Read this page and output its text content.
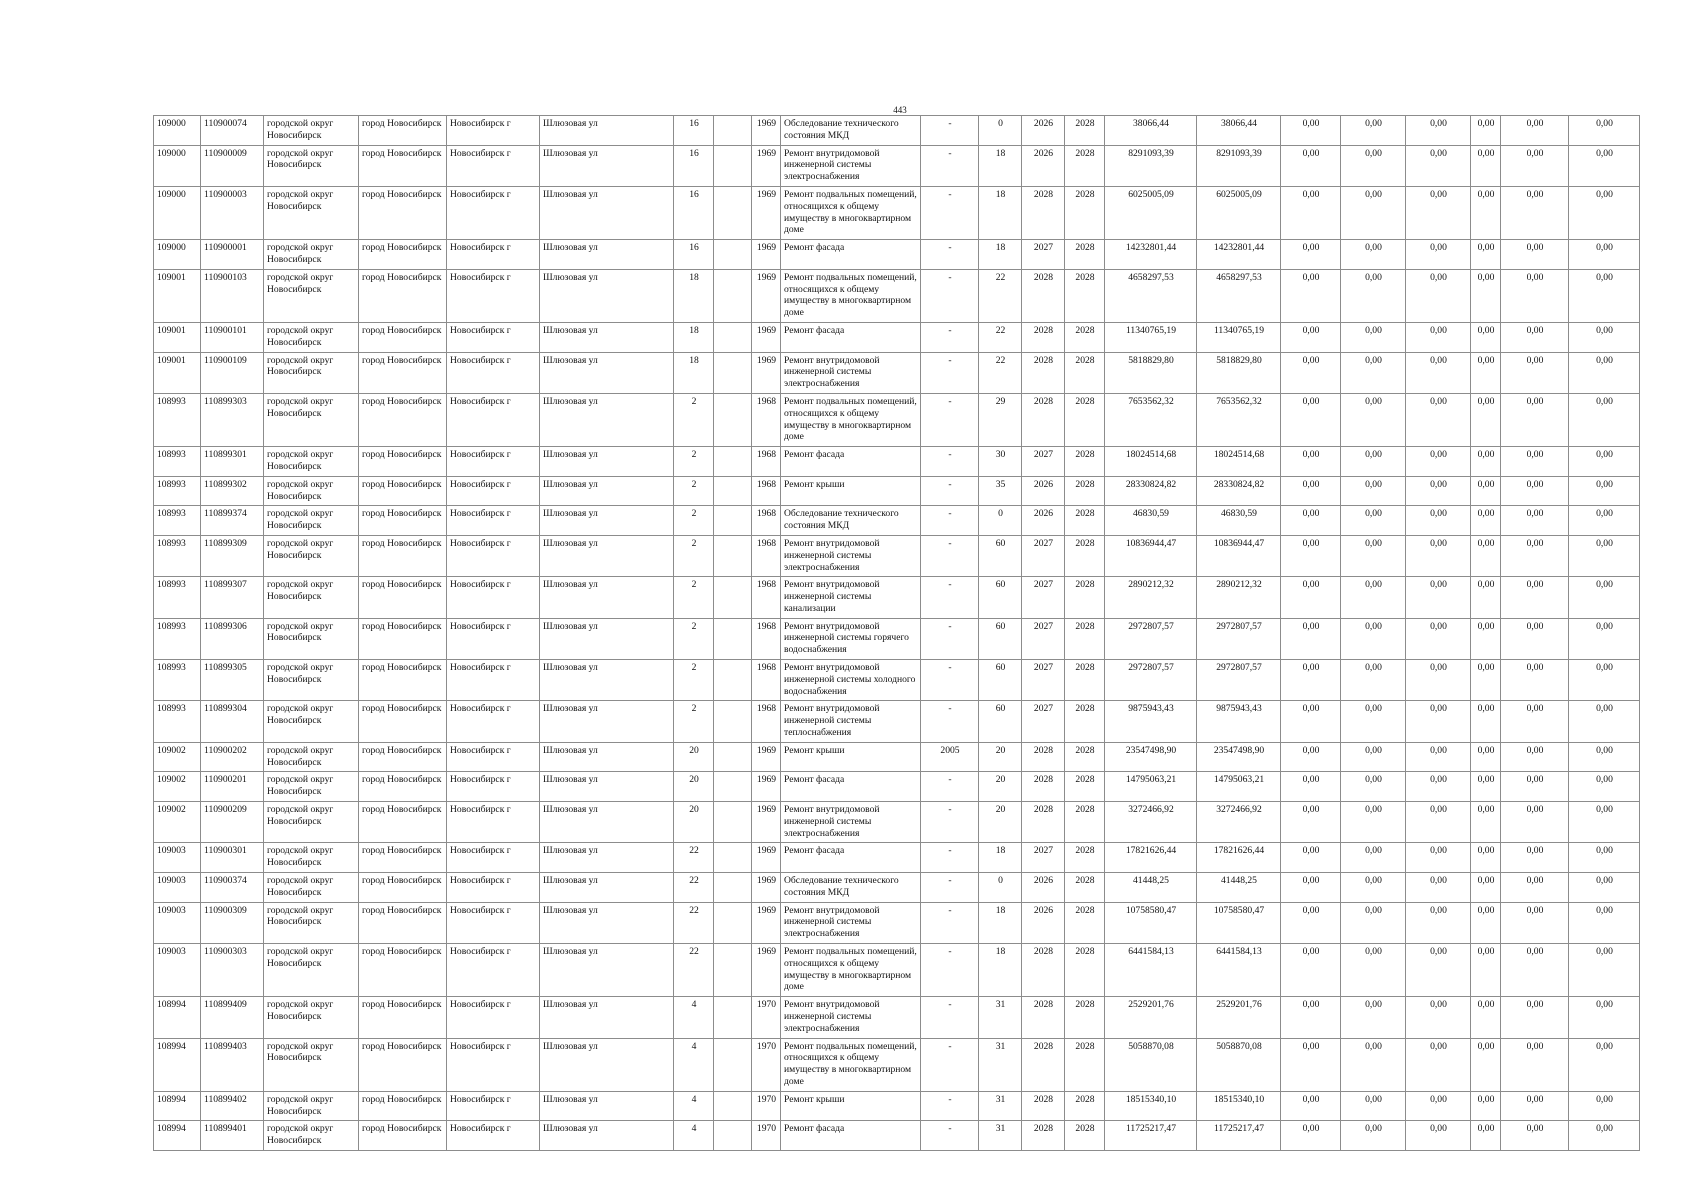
443
109000	110900074	городской округ Новосибирск	город Новосибирск	Новосибирск г	Шлюзовая ул	16		1969	Обследование технического состояния МКД	-	0	2026	2028	38066,44	38066,44	0,00	0,00	0,00	0,00	0,00	0,00
109000	110900009	городской округ Новосибирск	город Новосибирск	Новосибирск г	Шлюзовая ул	16		1969	Ремонт внутридомовой инженерной системы электроснабжения	-	18	2026	2028	8291093,39	8291093,39	0,00	0,00	0,00	0,00	0,00	0,00
109000	110900003	городской округ Новосибирск	город Новосибирск	Новосибирск г	Шлюзовая ул	16		1969	Ремонт подвальных помещений, относящихся к общему имуществу в многоквартирном доме	-	18	2028	2028	6025005,09	6025005,09	0,00	0,00	0,00	0,00	0,00	0,00
109000	110900001	городской округ Новосибирск	город Новосибирск	Новосибирск г	Шлюзовая ул	16		1969	Ремонт фасада	-	18	2027	2028	14232801,44	14232801,44	0,00	0,00	0,00	0,00	0,00	0,00
109001	110900103	городской округ Новосибирск	город Новосибирск	Новосибирск г	Шлюзовая ул	18		1969	Ремонт подвальных помещений, относящихся к общему имуществу в многоквартирном доме	-	22	2028	2028	4658297,53	4658297,53	0,00	0,00	0,00	0,00	0,00	0,00
109001	110900101	городской округ Новосибирск	город Новосибирск	Новосибирск г	Шлюзовая ул	18		1969	Ремонт фасада	-	22	2028	2028	11340765,19	11340765,19	0,00	0,00	0,00	0,00	0,00	0,00
109001	110900109	городской округ Новосибирск	город Новосибирск	Новосибирск г	Шлюзовая ул	18		1969	Ремонт внутридомовой инженерной системы электроснабжения	-	22	2028	2028	5818829,80	5818829,80	0,00	0,00	0,00	0,00	0,00	0,00
108993	110899303	городской округ Новосибирск	город Новосибирск	Новосибирск г	Шлюзовая ул	2		1968	Ремонт подвальных помещений, относящихся к общему имуществу в многоквартирном доме	-	29	2028	2028	7653562,32	7653562,32	0,00	0,00	0,00	0,00	0,00	0,00
108993	110899301	городской округ Новосибирск	город Новосибирск	Новосибирск г	Шлюзовая ул	2		1968	Ремонт фасада	-	30	2027	2028	18024514,68	18024514,68	0,00	0,00	0,00	0,00	0,00	0,00
108993	110899302	городской округ Новосибирск	город Новосибирск	Новосибирск г	Шлюзовая ул	2		1968	Ремонт крыши	-	35	2026	2028	28330824,82	28330824,82	0,00	0,00	0,00	0,00	0,00	0,00
108993	110899374	городской округ Новосибирск	город Новосибирск	Новосибирск г	Шлюзовая ул	2		1968	Обследование технического состояния МКД	-	0	2026	2028	46830,59	46830,59	0,00	0,00	0,00	0,00	0,00	0,00
108993	110899309	городской округ Новосибирск	город Новосибирск	Новосибирск г	Шлюзовая ул	2		1968	Ремонт внутридомовой инженерной системы электроснабжения	-	60	2027	2028	10836944,47	10836944,47	0,00	0,00	0,00	0,00	0,00	0,00
108993	110899307	городской округ Новосибирск	город Новосибирск	Новосибирск г	Шлюзовая ул	2		1968	Ремонт внутридомовой инженерной системы канализации	-	60	2027	2028	2890212,32	2890212,32	0,00	0,00	0,00	0,00	0,00	0,00
108993	110899306	городской округ Новосибирск	город Новосибирск	Новосибирск г	Шлюзовая ул	2		1968	Ремонт внутридомовой инженерной системы горячего водоснабжения	-	60	2027	2028	2972807,57	2972807,57	0,00	0,00	0,00	0,00	0,00	0,00
108993	110899305	городской округ Новосибирск	город Новосибирск	Новосибирск г	Шлюзовая ул	2		1968	Ремонт внутридомовой инженерной системы холодного водоснабжения	-	60	2027	2028	2972807,57	2972807,57	0,00	0,00	0,00	0,00	0,00	0,00
108993	110899304	городской округ Новосибирск	город Новосибирск	Новосибирск г	Шлюзовая ул	2		1968	Ремонт внутридомовой инженерной системы теплоснабжения	-	60	2027	2028	9875943,43	9875943,43	0,00	0,00	0,00	0,00	0,00	0,00
109002	110900202	городской округ Новосибирск	город Новосибирск	Новосибирск г	Шлюзовая ул	20		1969	Ремонт крыши	2005	20	2028	2028	23547498,90	23547498,90	0,00	0,00	0,00	0,00	0,00	0,00
109002	110900201	городской округ Новосибирск	город Новосибирск	Новосибирск г	Шлюзовая ул	20		1969	Ремонт фасада	-	20	2028	2028	14795063,21	14795063,21	0,00	0,00	0,00	0,00	0,00	0,00
109002	110900209	городской округ Новосибирск	город Новосибирск	Новосибирск г	Шлюзовая ул	20		1969	Ремонт внутридомовой инженерной системы электроснабжения	-	20	2028	2028	3272466,92	3272466,92	0,00	0,00	0,00	0,00	0,00	0,00
109003	110900301	городской округ Новосибирск	город Новосибирск	Новосибирск г	Шлюзовая ул	22		1969	Ремонт фасада	-	18	2027	2028	17821626,44	17821626,44	0,00	0,00	0,00	0,00	0,00	0,00
109003	110900374	городской округ Новосибирск	город Новосибирск	Новосибирск г	Шлюзовая ул	22		1969	Обследование технического состояния МКД	-	0	2026	2028	41448,25	41448,25	0,00	0,00	0,00	0,00	0,00	0,00
109003	110900309	городской округ Новосибирск	город Новосибирск	Новосибирск г	Шлюзовая ул	22		1969	Ремонт внутридомовой инженерной системы электроснабжения	-	18	2026	2028	10758580,47	10758580,47	0,00	0,00	0,00	0,00	0,00	0,00
109003	110900303	городской округ Новосибирск	город Новосибирск	Новосибирск г	Шлюзовая ул	22		1969	Ремонт подвальных помещений, относящихся к общему имуществу в многоквартирном доме	-	18	2028	2028	6441584,13	6441584,13	0,00	0,00	0,00	0,00	0,00	0,00
108994	110899409	городской округ Новосибирск	город Новосибирск	Новосибирск г	Шлюзовая ул	4		1970	Ремонт внутридомовой инженерной системы электроснабжения	-	31	2028	2028	2529201,76	2529201,76	0,00	0,00	0,00	0,00	0,00	0,00
108994	110899403	городской округ Новосибирск	город Новосибирск	Новосибирск г	Шлюзовая ул	4		1970	Ремонт подвальных помещений, относящихся к общему имуществу в многоквартирном доме	-	31	2028	2028	5058870,08	5058870,08	0,00	0,00	0,00	0,00	0,00	0,00
108994	110899402	городской округ Новосибирск	город Новосибирск	Новосибирск г	Шлюзовая ул	4		1970	Ремонт крыши	-	31	2028	2028	18515340,10	18515340,10	0,00	0,00	0,00	0,00	0,00	0,00
108994	110899401	городской округ Новосибирск	город Новосибирск	Новосибирск г	Шлюзовая ул	4		1970	Ремонт фасада	-	31	2028	2028	11725217,47	11725217,47	0,00	0,00	0,00	0,00	0,00	0,00
